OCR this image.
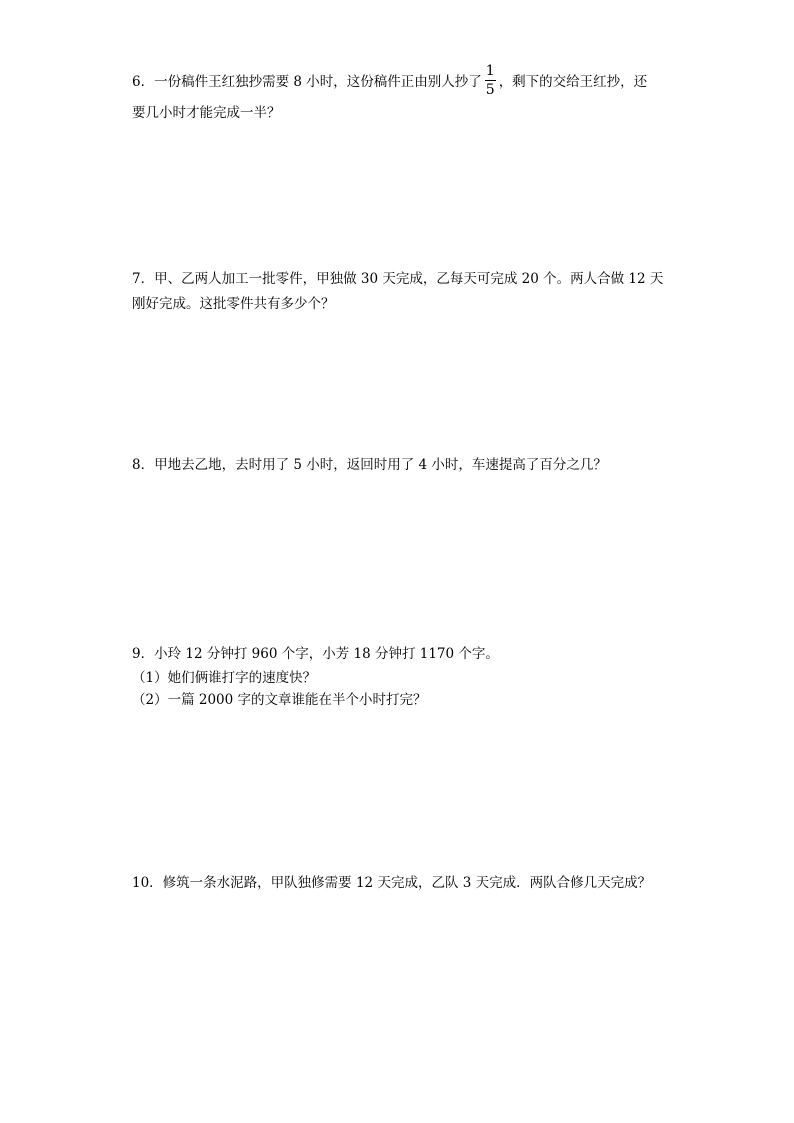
6．一份稿件王红独抄需要 8 小时，这份稿件正由别人抄了 $\frac{1}{5}$ ，剩下的交给王红抄，还
要几小时才能完成一半？
7．甲、乙两人加工一批零件，甲独做 30 天完成，乙每天可完成 20 个。两人合做 12 天
刚好完成。这批零件共有多少个？
8．甲地去乙地，去时用了 5 小时，返回时用了 4 小时，车速提高了百分之几？
9．小玲 12 分钟打 960 个字，小芳 18 分钟打 1170 个字。
（1）她们俩谁打字的速度快？
（2）一篇 2000 字的文章谁能在半个小时打完？
10．修筑一条水泥路，甲队独修需要 12 天完成，乙队 3 天完成．两队合修几天完成？
